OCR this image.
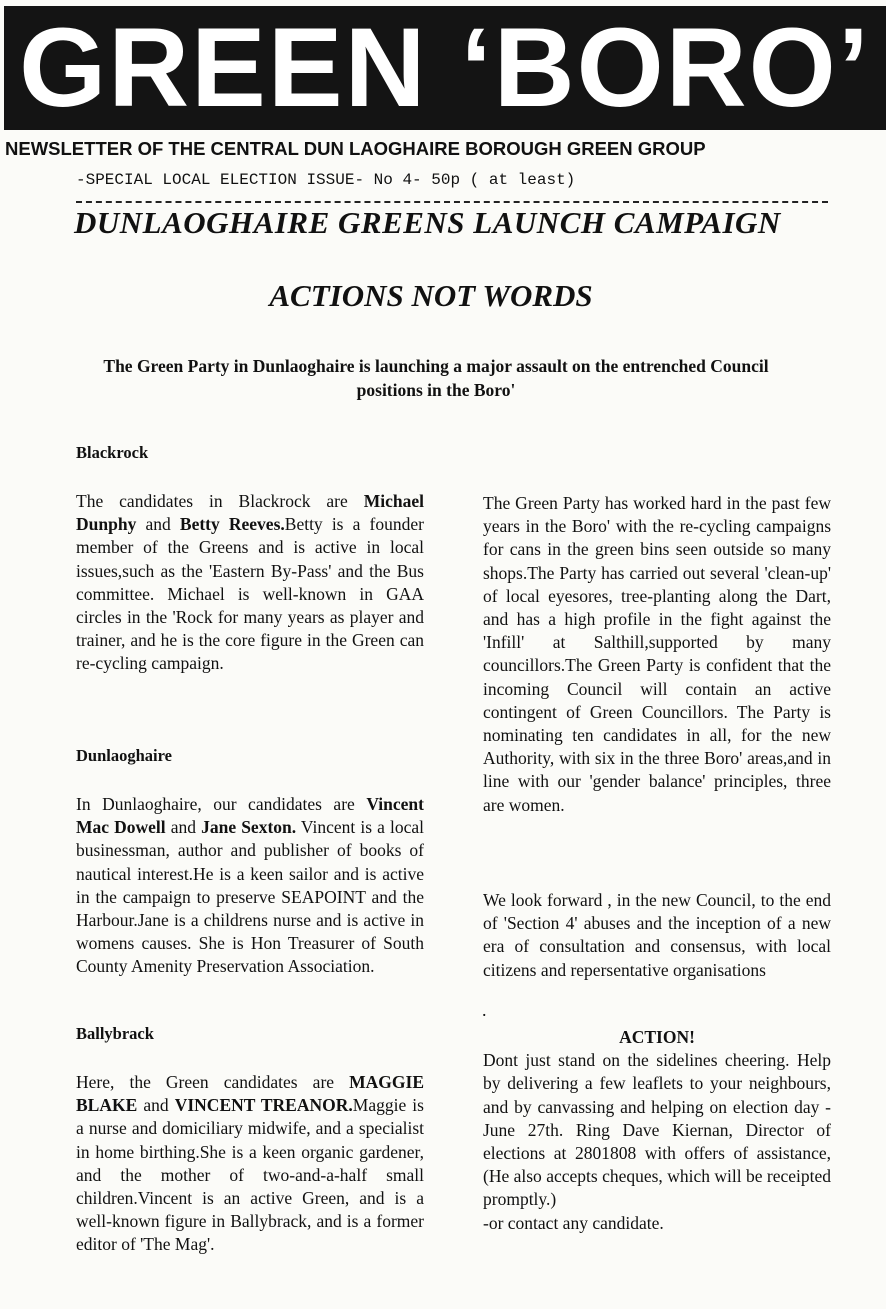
GREEN ‘BORO’
NEWSLETTER OF THE CENTRAL DUN LAOGHAIRE BOROUGH GREEN GROUP
-SPECIAL LOCAL ELECTION ISSUE- No 4- 50p ( at least)
DUNLAOGHAIRE GREENS LAUNCH CAMPAIGN
ACTIONS NOT WORDS
The Green Party in Dunlaoghaire is launching a major assault on the entrenched Council positions in the Boro'
Blackrock

The candidates in Blackrock are Michael Dunphy and Betty Reeves.Betty is a founder member of the Greens and is active in local issues,such as the 'Eastern By-Pass' and the Bus committee. Michael is well-known in GAA circles in the 'Rock for many years as player and trainer, and he is the core figure in the Green can re-cycling campaign.

Dunlaoghaire

In Dunlaoghaire, our candidates are Vincent Mac Dowell and Jane Sexton. Vincent is a local businessman, author and publisher of books of nautical interest.He is a keen sailor and is active in the campaign to preserve SEAPOINT and the Harbour.Jane is a childrens nurse and is active in womens causes. She is Hon Treasurer of South County Amenity Preservation Association.

Ballybrack

Here, the Green candidates are MAGGIE BLAKE and VINCENT TREANOR.Maggie is a nurse and domiciliary midwife, and a specialist in home birthing.She is a keen organic gardener, and the mother of two-and-a-half small children.Vincent is an active Green, and is a well-known figure in Ballybrack, and is a former editor of 'The Mag'.

The Green Party has worked hard in the past few years in the Boro' with the re-cycling campaigns for cans in the green bins seen outside so many shops.The Party has carried out several 'clean-up' of local eyesores, tree-planting along the Dart, and has a high profile in the fight against the 'Infill' at Salthill,supported by many councillors.The Green Party is confident that the incoming Council will contain an active contingent of Green Councillors. The Party is nominating ten candidates in all, for the new Authority, with six in the three Boro' areas,and in line with our 'gender balance' principles, three are women.

We look forward , in the new Council, to the end of 'Section 4' abuses and the inception of a new era of consultation and consensus, with local citizens and repersentative organisations

.

ACTION!

Dont just stand on the sidelines cheering. Help by delivering a few leaflets to your neighbours, and by canvassing and helping on election day - June 27th. Ring Dave Kiernan, Director of elections at 2801808 with offers of assistance, (He also accepts cheques, which will be receipted promptly.)

-or contact any candidate.
